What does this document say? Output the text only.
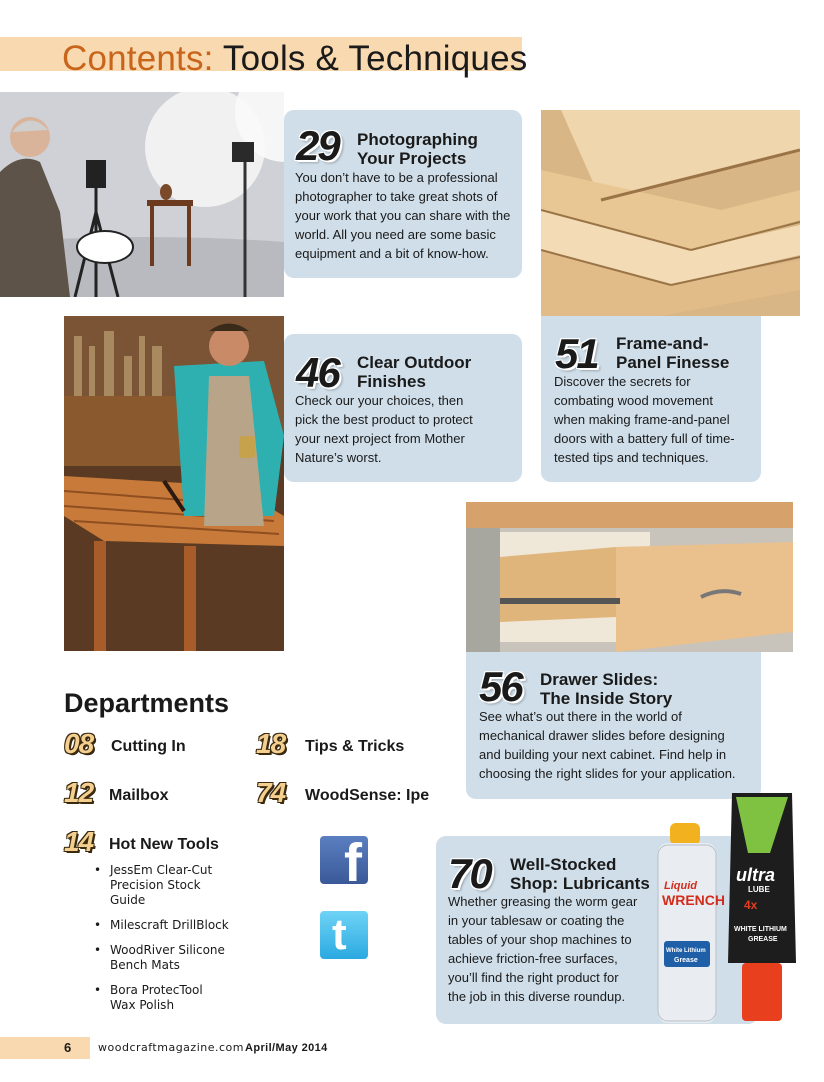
Contents: Tools & Techniques
29 Photographing
Your Projects
You don’t have to be a professional
photographer to take great shots of
your work that you can share with the
world. All you need are some basic
equipment and a bit of know-how.
46 Clear Outdoor
Finishes
Check our your choices, then
pick the best product to protect
your next project from Mother
Nature’s worst.
51 Frame-and-
Panel Finesse
Discover the secrets for
combating wood movement
when making frame-and-panel
doors with a battery full of time-
tested tips and techniques.
56 Drawer Slides:
The Inside Story
See what’s out there in the world of
mechanical drawer slides before designing
and building your next cabinet. Find help in
choosing the right slides for your application.
70 Well-Stocked
Shop: Lubricants
Whether greasing the worm gear
in your tablesaw or coating the
tables of your shop machines to
achieve friction-free surfaces,
you’ll find the right product for
the job in this diverse roundup.
Liquid
WRENCH
White Lithium
Grease
ultra
LUBE
4x
WHITE LITHIUM
GREASE
Departments
08 Cutting In
12 Mailbox
14 Hot New Tools
18 Tips & Tricks
74 WoodSense: Ipe
• JessEm Clear-Cut
Precision Stock
Guide
• Milescraft DrillBlock
• WoodRiver Silicone
Bench Mats
• Bora ProtecTool
Wax Polish
f
t
6 woodcraftmagazine.com April/May 2014
